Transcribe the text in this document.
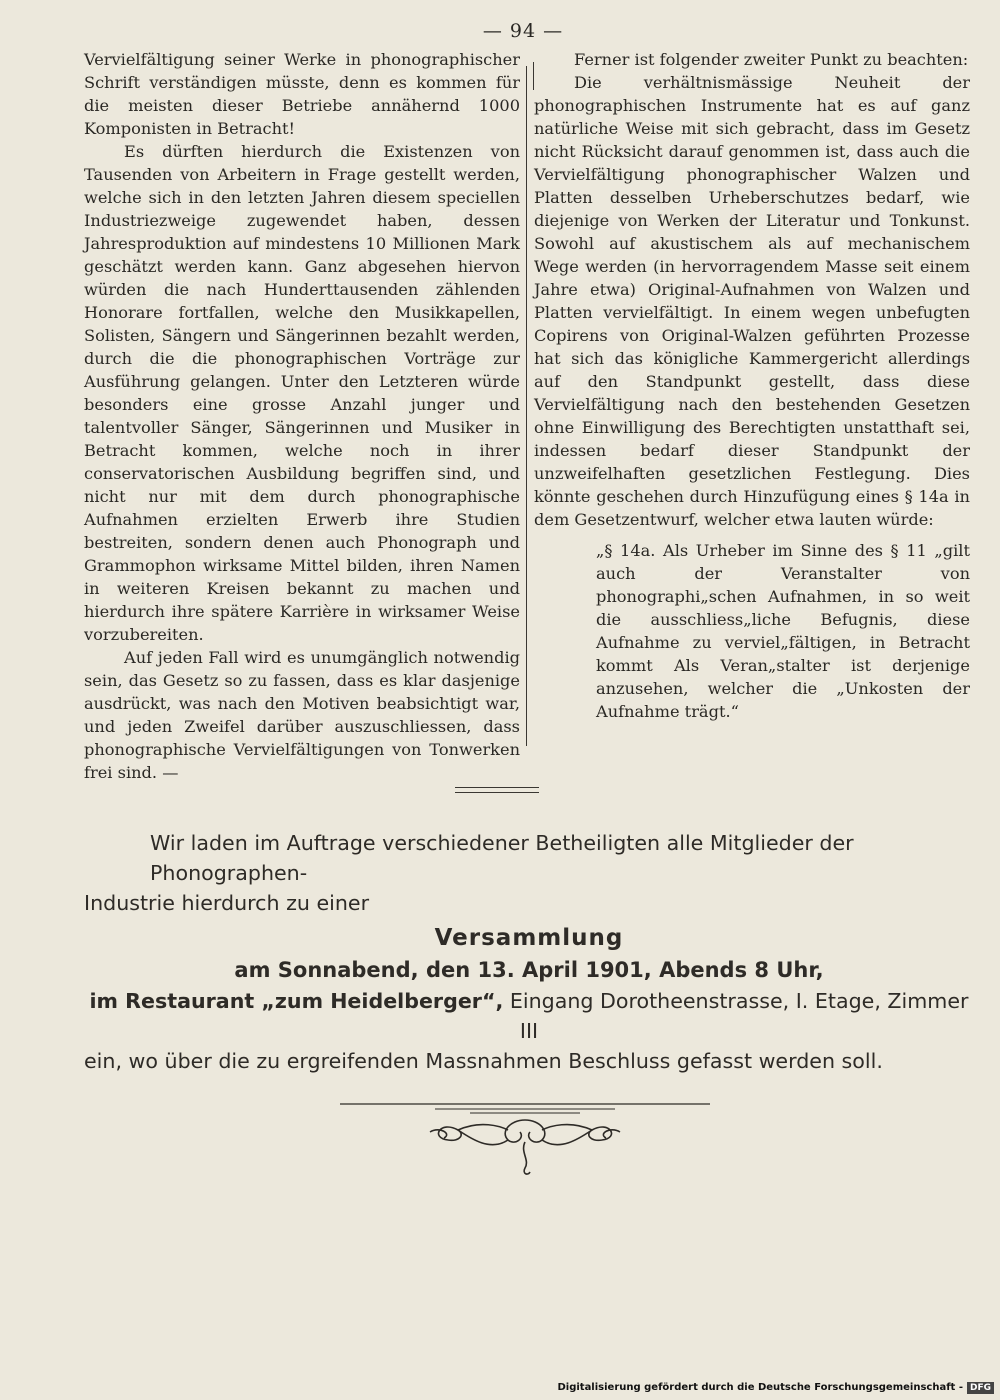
— 94 —

Vervielfältigung seiner Werke in phonographischer Schrift verständigen müsste, denn es kommen für die meisten dieser Betriebe annähernd 1000 Komponisten in Betracht!

Es dürften hierdurch die Existenzen von Tausenden von Arbeitern in Frage gestellt werden, welche sich in den letzten Jahren diesem speciellen Industriezweige zugewendet haben, dessen Jahresproduktion auf mindestens 10 Millionen Mark geschätzt werden kann. Ganz abgesehen hiervon würden die nach Hunderttausenden zählenden Honorare fortfallen, welche den Musikkapellen, Solisten, Sängern und Sängerinnen bezahlt werden, durch die die phonographischen Vorträge zur Ausführung gelangen. Unter den Letzteren würde besonders eine grosse Anzahl junger und talentvoller Sänger, Sängerinnen und Musiker in Betracht kommen, welche noch in ihrer conservatorischen Ausbildung begriffen sind, und nicht nur mit dem durch phonographische Aufnahmen erzielten Erwerb ihre Studien bestreiten, sondern denen auch Phonograph und Grammophon wirksame Mittel bilden, ihren Namen in weiteren Kreisen bekannt zu machen und hierdurch ihre spätere Karrière in wirksamer Weise vorzubereiten.

Auf jeden Fall wird es unumgänglich notwendig sein, das Gesetz so zu fassen, dass es klar dasjenige ausdrückt, was nach den Motiven beabsichtigt war, und jeden Zweifel darüber auszuschliessen, dass phonographische Vervielfältigungen von Tonwerken frei sind. —

Ferner ist folgender zweiter Punkt zu beachten:

Die verhältnismässige Neuheit der phonographischen Instrumente hat es auf ganz natürliche Weise mit sich gebracht, dass im Gesetz nicht Rücksicht darauf genommen ist, dass auch die Vervielfältigung phonographischer Walzen und Platten desselben Urheberschutzes bedarf, wie diejenige von Werken der Literatur und Tonkunst. Sowohl auf akustischem als auf mechanischem Wege werden (in hervorragendem Masse seit einem Jahre etwa) Original-Aufnahmen von Walzen und Platten vervielfältigt. In einem wegen unbefugten Copirens von Original-Walzen geführten Prozesse hat sich das königliche Kammergericht allerdings auf den Standpunkt gestellt, dass diese Vervielfältigung nach den bestehenden Gesetzen ohne Einwilligung des Berechtigten unstatthaft sei, indessen bedarf dieser Standpunkt der unzweifelhaften gesetzlichen Festlegung. Dies könnte geschehen durch Hinzufügung eines § 14a in dem Gesetzentwurf, welcher etwa lauten würde:

„§ 14a. Als Urheber im Sinne des § 11 „gilt auch der Veranstalter von phonographi„schen Aufnahmen, in so weit die ausschliess„liche Befugnis, diese Aufnahme zu verviel„fältigen, in Betracht kommt Als Veran„stalter ist derjenige anzusehen, welcher die „Unkosten der Aufnahme trägt.“

Wir laden im Auftrage verschiedener Betheiligten alle Mitglieder der Phonographen-

Industrie hierdurch zu einer

Versammlung

am Sonnabend, den 13. April 1901, Abends 8 Uhr,

im Restaurant „zum Heidelberger“, Eingang Dorotheenstrasse, I. Etage, Zimmer III

ein, wo über die zu ergreifenden Massnahmen Beschluss gefasst werden soll.

Digitalisierung gefördert durch die Deutsche Forschungsgemeinschaft - DFG
